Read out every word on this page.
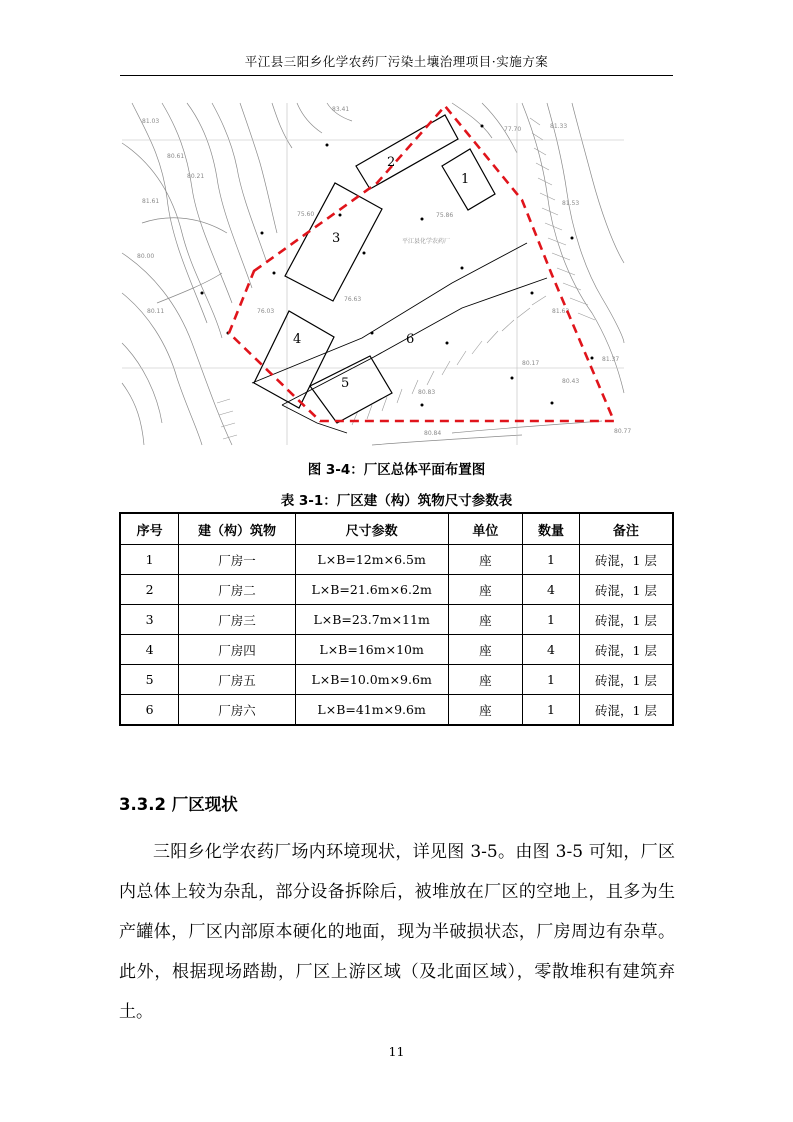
平江县三阳乡化学农药厂污染土壤治理项目·实施方案
81.03
80.61
80.21
81.61
80.00
80.11	76.03
75.60
76.63
75.86
77.70	81.33
81.53
81.63
80.17
81.37
80.43
80.83
80.84
83.41
80.77
平江县化学农药厂
1
2
3
4
5
6
图 3-4：厂区总体平面布置图
表 3-1：厂区建（构）筑物尺寸参数表
序号	建（构）筑物	尺寸参数	单位	数量	备注
1	厂房一	L×B=12m×6.5m	座	1	砖混，1 层
2	厂房二	L×B=21.6m×6.2m	座	4	砖混，1 层
3	厂房三	L×B=23.7m×11m	座	1	砖混，1 层
4	厂房四	L×B=16m×10m	座	4	砖混，1 层
5	厂房五	L×B=10.0m×9.6m	座	1	砖混，1 层
6	厂房六	L×B=41m×9.6m	座	1	砖混，1 层
3.3.2 厂区现状

三阳乡化学农药厂场内环境现状，详见图 3-5。由图 3-5 可知，厂区内总体上较为杂乱，部分设备拆除后，被堆放在厂区的空地上，且多为生产罐体，厂区内部原本硬化的地面，现为半破损状态，厂房周边有杂草。此外，根据现场踏勘，厂区上游区域（及北面区域），零散堆积有建筑弃土。

11
